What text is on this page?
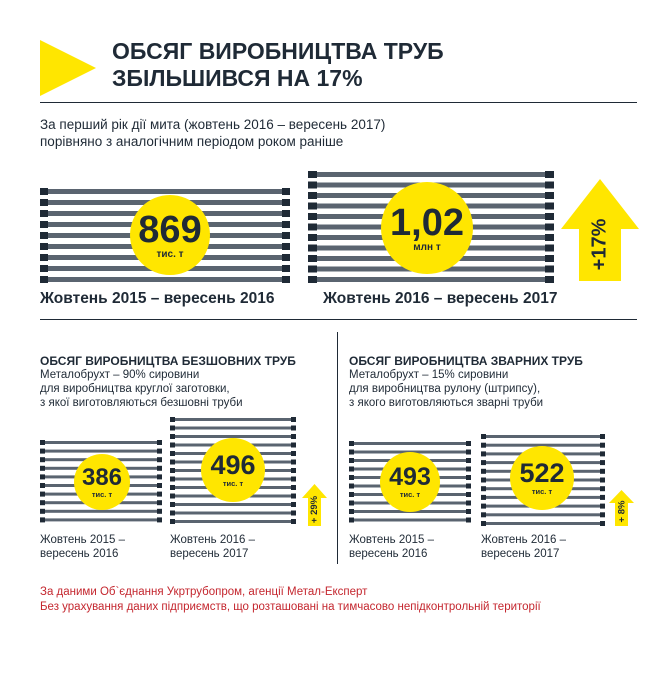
ОБСЯГ ВИРОБНИЦТВА ТРУБ
ЗБІЛЬШИВСЯ НА 17%
За перший рік дії мита (жовтень 2016 – вересень 2017)
порівняно з аналогічним періодом роком раніше
869
тис. т
Жовтень 2015 – вересень 2016
1,02
млн т
Жовтень 2016 – вересень 2017
+17%
ОБСЯГ ВИРОБНИЦТВА БЕЗШОВНИХ ТРУБ
Металобрухт – 90% сировини
для виробництва круглої заготовки,
з якої виготовляються безшовні труби
386
тис. т
Жовтень 2015 –
вересень 2016
496
тис. т
Жовтень 2016 –
вересень 2017
+ 29%
ОБСЯГ ВИРОБНИЦТВА ЗВАРНИХ ТРУБ
Металобрухт – 15% сировини
для виробництва рулону (штрипсу),
з якого виготовляються зварні труби
493
тис. т
Жовтень 2015 –
вересень 2016
522
тис. т
Жовтень 2016 –
вересень 2017
+ 8%
За даними Об`єднання Укртрубопром, агенції Метал-Експерт
Без урахування даних підприємств, що розташовані на тимчасово непідконтрольній території
